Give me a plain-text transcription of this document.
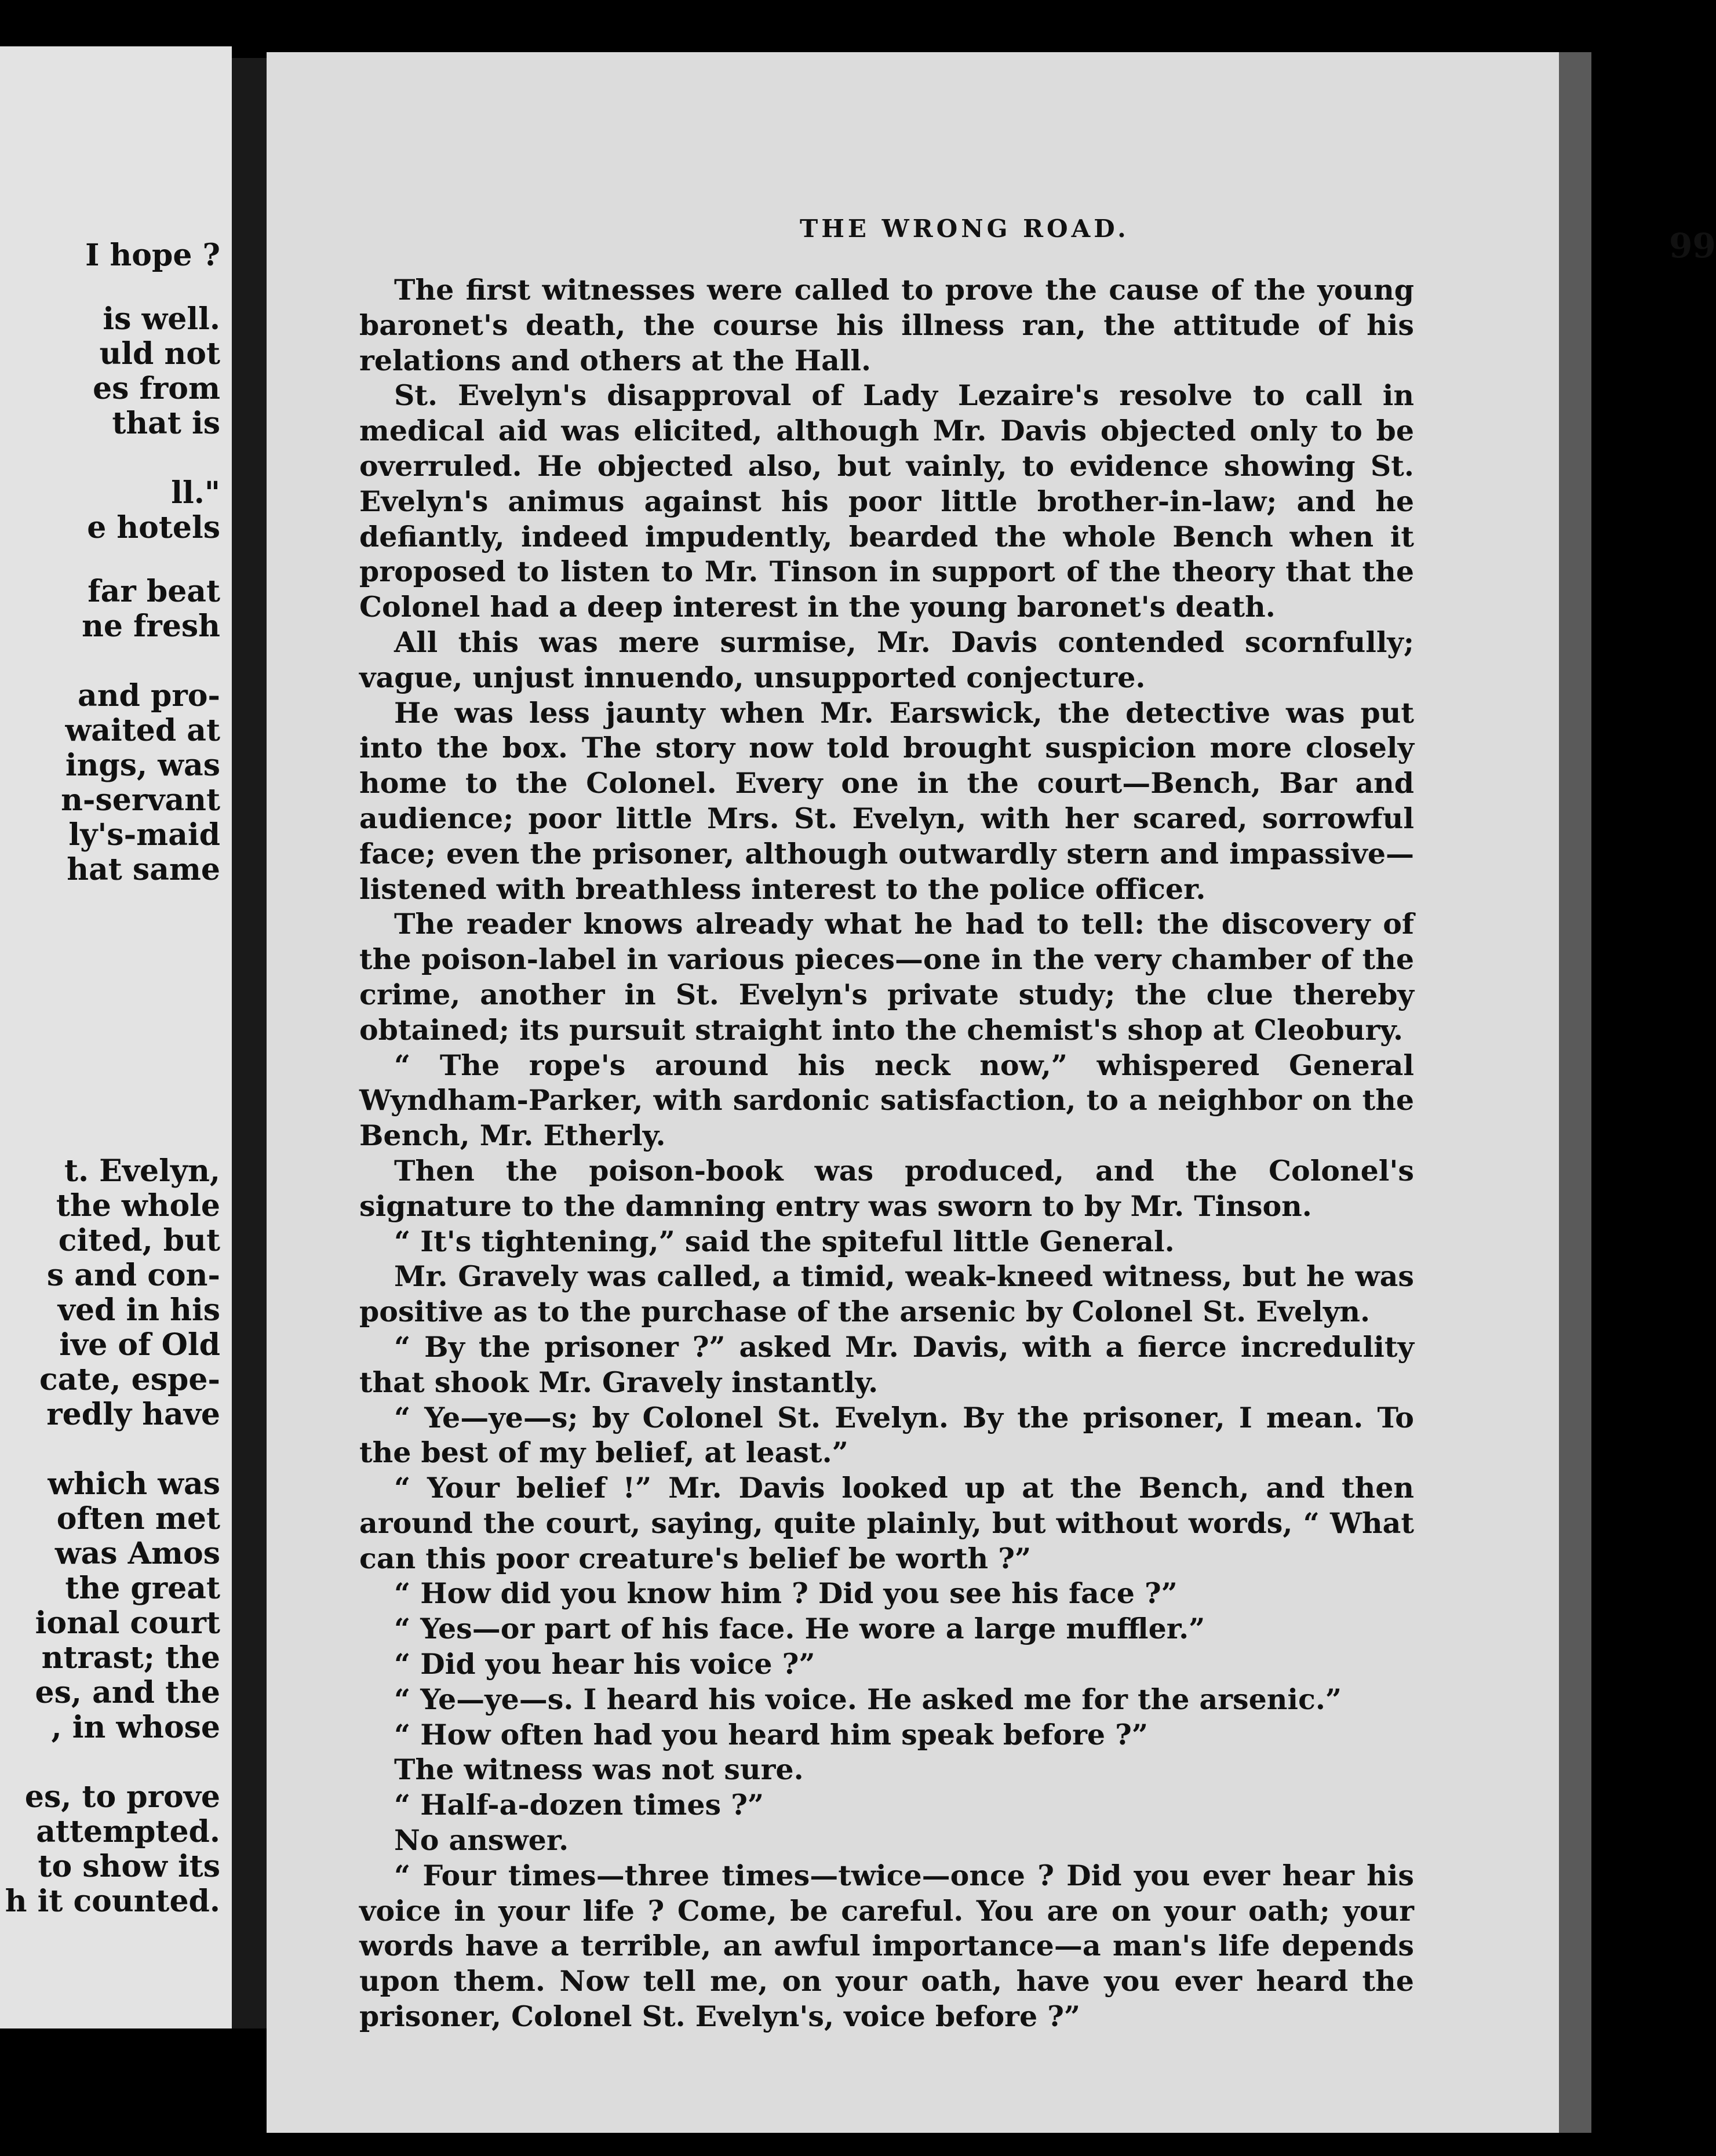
I hope ?
is well.
uld not
es from
that is
ll."
e hotels
far beat
ne fresh
and pro-
waited at
ings, was
n-servant
ly's-maid
hat same
t. Evelyn,
the whole
cited, but
s and con-
ved in his
ive of Old
cate, espe-
redly have
which was
often met
was Amos
the great
ional court
ntrast; the
es, and the
, in whose
es, to prove
attempted.
to show its
h it counted.
THE WRONG ROAD.	99

The first witnesses were called to prove the cause of the young baronet's death, the course his illness ran, the attitude of his relations and others at the Hall.

St. Evelyn's disapproval of Lady Lezaire's resolve to call in medical aid was elicited, although Mr. Davis objected only to be overruled. He objected also, but vainly, to evidence showing St. Evelyn's animus against his poor little brother-in-law; and he defiantly, indeed impudently, bearded the whole Bench when it proposed to listen to Mr. Tinson in support of the theory that the Colonel had a deep interest in the young baronet's death.

All this was mere surmise, Mr. Davis contended scornfully; vague, unjust innuendo, unsupported conjecture.

He was less jaunty when Mr. Earswick, the detective was put into the box. The story now told brought suspicion more closely home to the Colonel. Every one in the court—Bench, Bar and audience; poor little Mrs. St. Evelyn, with her scared, sorrowful face; even the prisoner, although outwardly stern and impassive—listened with breathless interest to the police officer.

The reader knows already what he had to tell: the discovery of the poison-label in various pieces—one in the very chamber of the crime, another in St. Evelyn's private study; the clue thereby obtained; its pursuit straight into the chemist's shop at Cleobury.

“ The rope's around his neck now,” whispered General Wyndham-Parker, with sardonic satisfaction, to a neighbor on the Bench, Mr. Etherly.

Then the poison-book was produced, and the Colonel's signature to the damning entry was sworn to by Mr. Tinson.

“ It's tightening,” said the spiteful little General.

Mr. Gravely was called, a timid, weak-kneed witness, but he was positive as to the purchase of the arsenic by Colonel St. Evelyn.

“ By the prisoner ?” asked Mr. Davis, with a fierce incredulity that shook Mr. Gravely instantly.

“ Ye—ye—s; by Colonel St. Evelyn. By the prisoner, I mean. To the best of my belief, at least.”

“ Your belief !” Mr. Davis looked up at the Bench, and then around the court, saying, quite plainly, but without words, “ What can this poor creature's belief be worth ?”

“ How did you know him ? Did you see his face ?”

“ Yes—or part of his face. He wore a large muffler.”

“ Did you hear his voice ?”

“ Ye—ye—s. I heard his voice. He asked me for the arsenic.”

“ How often had you heard him speak before ?”

The witness was not sure.

“ Half-a-dozen times ?”

No answer.

“ Four times—three times—twice—once ? Did you ever hear his voice in your life ? Come, be careful. You are on your oath; your words have a terrible, an awful importance—a man's life depends upon them. Now tell me, on your oath, have you ever heard the prisoner, Colonel St. Evelyn's, voice before ?”
